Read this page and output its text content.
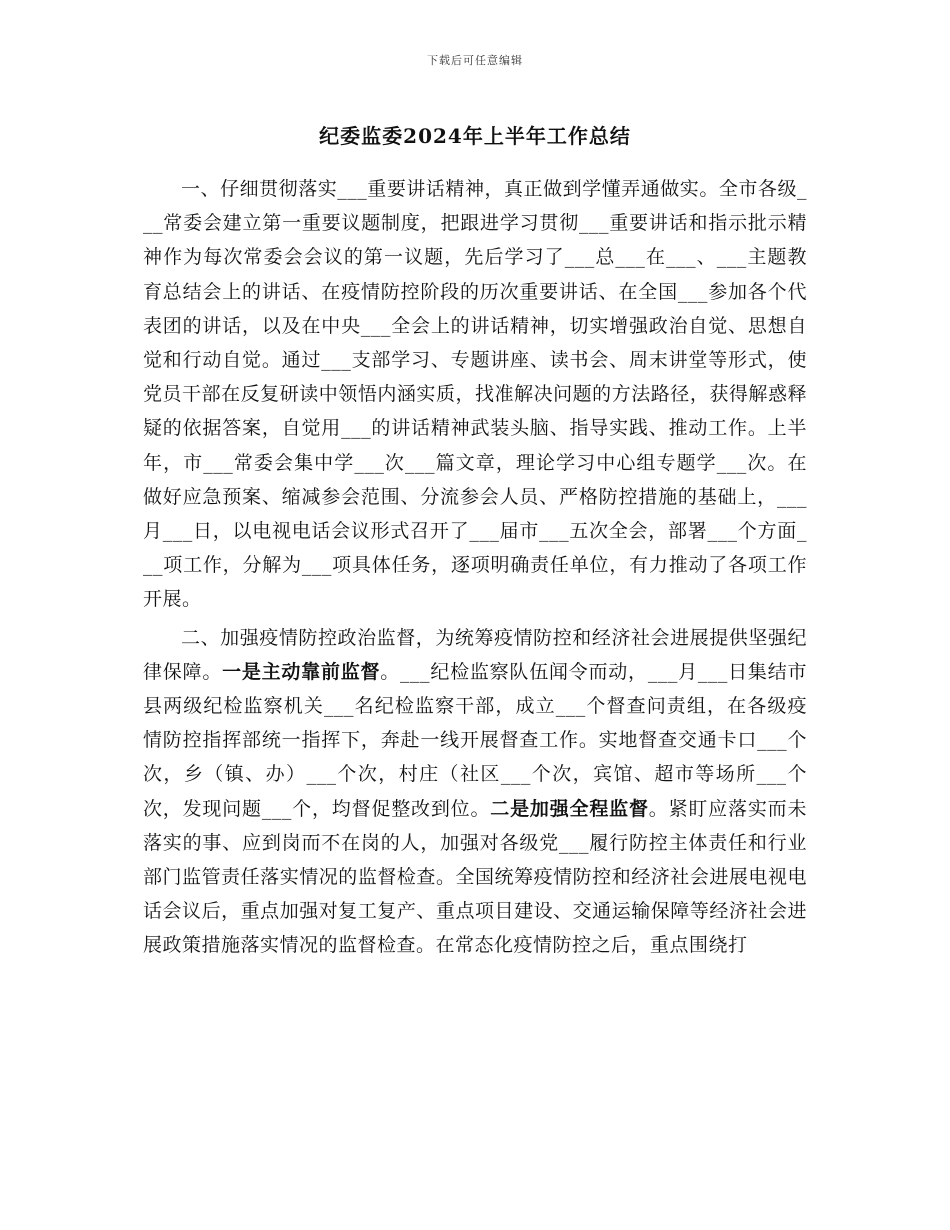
下载后可任意编辑
纪委监委2024年上半年工作总结

一、仔细贯彻落实___重要讲话精神，真正做到学懂弄通做实。全市各级___常委会建立第一重要议题制度，把跟进学习贯彻___重要讲话和指示批示精神作为每次常委会会议的第一议题，先后学习了___总___在___、___主题教育总结会上的讲话、在疫情防控阶段的历次重要讲话、在全国___参加各个代表团的讲话，以及在中央___全会上的讲话精神，切实增强政治自觉、思想自觉和行动自觉。通过___支部学习、专题讲座、读书会、周末讲堂等形式，使党员干部在反复研读中领悟内涵实质，找准解决问题的方法路径，获得解惑释疑的依据答案，自觉用___的讲话精神武装头脑、指导实践、推动工作。上半年，市___常委会集中学___次___篇文章，理论学习中心组专题学___次。在做好应急预案、缩减参会范围、分流参会人员、严格防控措施的基础上，___月___日，以电视电话会议形式召开了___届市___五次全会，部署___个方面___项工作，分解为___项具体任务，逐项明确责任单位，有力推动了各项工作开展。

二、加强疫情防控政治监督，为统筹疫情防控和经济社会进展提供坚强纪律保障。一是主动靠前监督。___纪检监察队伍闻令而动，___月___日集结市县两级纪检监察机关___名纪检监察干部，成立___个督查问责组，在各级疫情防控指挥部统一指挥下，奔赴一线开展督查工作。实地督查交通卡口___个次，乡（镇、办）___个次，村庄（社区___个次，宾馆、超市等场所___个次，发现问题___个，均督促整改到位。二是加强全程监督。紧盯应落实而未落实的事、应到岗而不在岗的人，加强对各级党___履行防控主体责任和行业部门监管责任落实情况的监督检查。全国统筹疫情防控和经济社会进展电视电话会议后，重点加强对复工复产、重点项目建设、交通运输保障等经济社会进展政策措施落实情况的监督检查。在常态化疫情防控之后，重点围绕打
